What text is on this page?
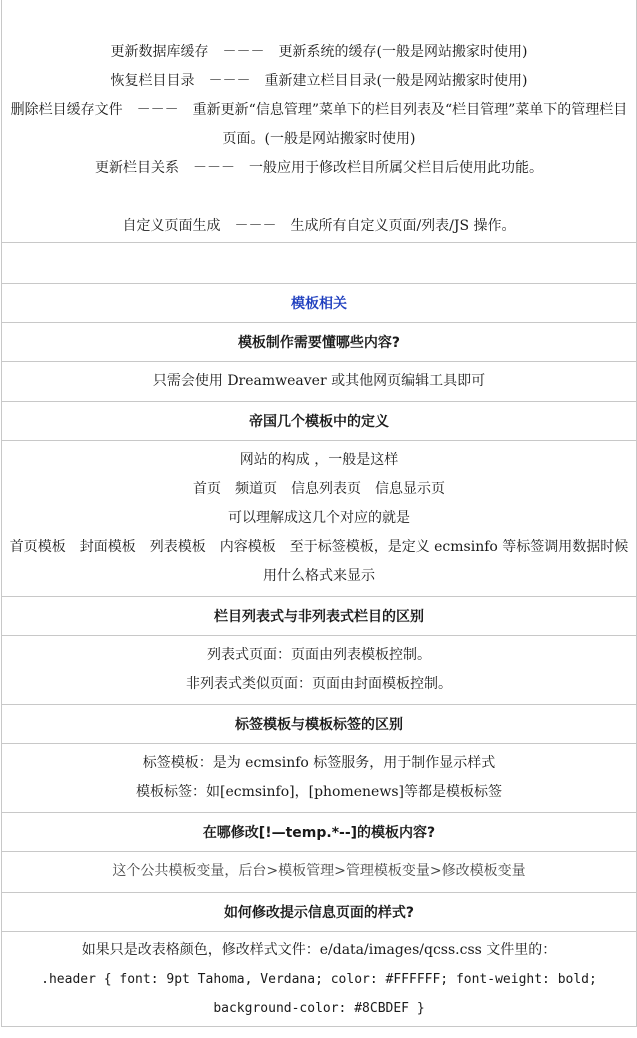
更新数据库缓存　－－－　更新系统的缓存(一般是网站搬家时使用)
恢复栏目目录　－－－　重新建立栏目目录(一般是网站搬家时使用)
删除栏目缓存文件　－－－　重新更新“信息管理”菜单下的栏目列表及“栏目管理”菜单下的管理栏目页面。(一般是网站搬家时使用)
更新栏目关系　－－－　一般应用于修改栏目所属父栏目后使用此功能。

自定义页面生成　－－－　生成所有自定义页面/列表/JS 操作。

模板相关
模板制作需要懂哪些内容?

只需会使用 Dreamweaver 或其他网页编辑工具即可

帝国几个模板中的定义

网站的构成 ，一般是这样
首页　频道页　信息列表页　信息显示页
可以理解成这几个对应的就是
首页模板　封面模板　列表模板　内容模板　至于标签模板，是定义 ecmsinfo 等标签调用数据时候用什么格式来显示

栏目列表式与非列表式栏目的区别

列表式页面：页面由列表模板控制。
非列表式类似页面：页面由封面模板控制。

标签模板与模板标签的区别

标签模板：是为 ecmsinfo 标签服务，用于制作显示样式
模板标签：如[ecmsinfo]，[phomenews]等都是模板标签

在哪修改[!—temp.*--]的模板内容?

这个公共模板变量，后台>模板管理>管理模板变量>修改模板变量

如何修改提示信息页面的样式?

如果只是改表格颜色，修改样式文件：e/data/images/qcss.css 文件里的：
.header { font: 9pt Tahoma, Verdana; color: #FFFFFF; font-weight: bold;
background-color: #8CBDEF }
